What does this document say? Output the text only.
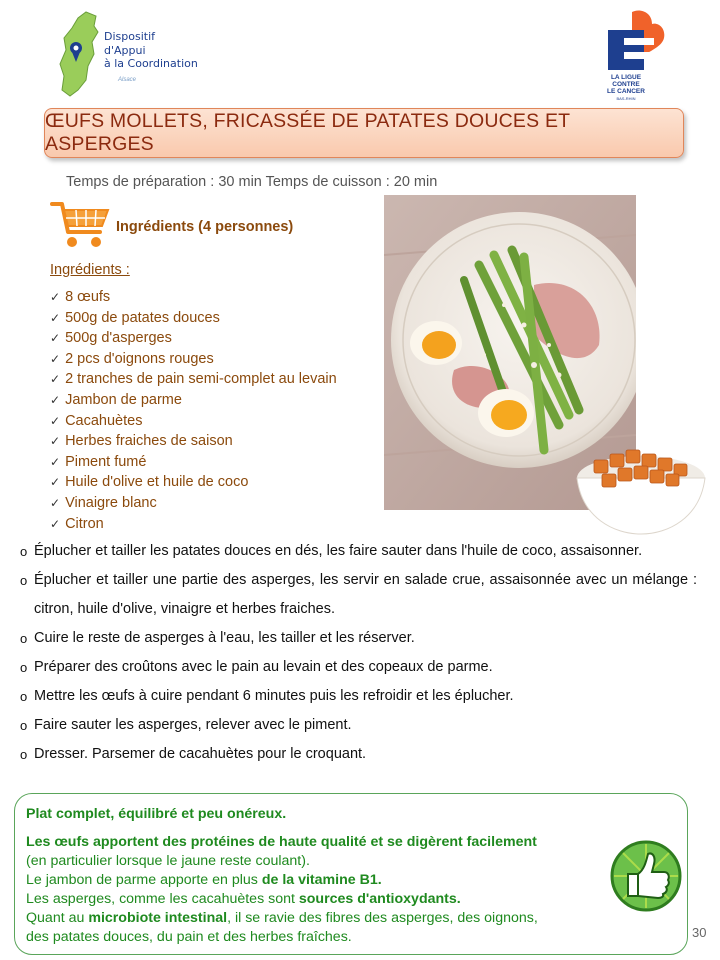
Dispositif
d'Appui
à la Coordination
Alsace	LA LIGUE
CONTRE
LE CANCER
BAS-RHIN
ŒUFS MOLLETS, FRICASSÉE DE PATATES DOUCES ET ASPERGES
Temps de préparation : 30 min Temps de cuisson : 20 min
Ingrédients (4 personnes)
Ingrédients :
✓ 8 œufs
✓ 500g de patates douces
✓ 500g d'asperges
✓ 2 pcs d'oignons rouges
✓ 2 tranches de pain semi-complet au levain
✓ Jambon de parme
✓ Cacahuètes
✓ Herbes fraiches de saison
✓ Piment fumé
✓ Huile d'olive et huile de coco
✓ Vinaigre blanc
✓ Citron
o Éplucher et tailler les patates douces en dés, les faire sauter dans l'huile de coco, assaisonner.
o Éplucher et tailler une partie des asperges, les servir en salade crue, assaisonnée avec un mélange : citron, huile d'olive, vinaigre et herbes fraiches.
o Cuire le reste de asperges à l'eau, les tailler et les réserver.
o Préparer des croûtons avec le pain au levain et des copeaux de parme.
o Mettre les œufs à cuire pendant 6 minutes puis les refroidir et les éplucher.
o Faire sauter les asperges, relever avec le piment.
o Dresser. Parsemer de cacahuètes pour le croquant.
Plat complet, équilibré et peu onéreux.
Les œufs apportent des protéines de haute qualité et se digèrent facilement
(en particulier lorsque le jaune reste coulant).
Le jambon de parme apporte en plus de la vitamine B1.
Les asperges, comme les cacahuètes sont sources d'antioxydants.
Quant au microbiote intestinal, il se ravie des fibres des asperges, des oignons,
des patates douces, du pain et des herbes fraîches.	30
